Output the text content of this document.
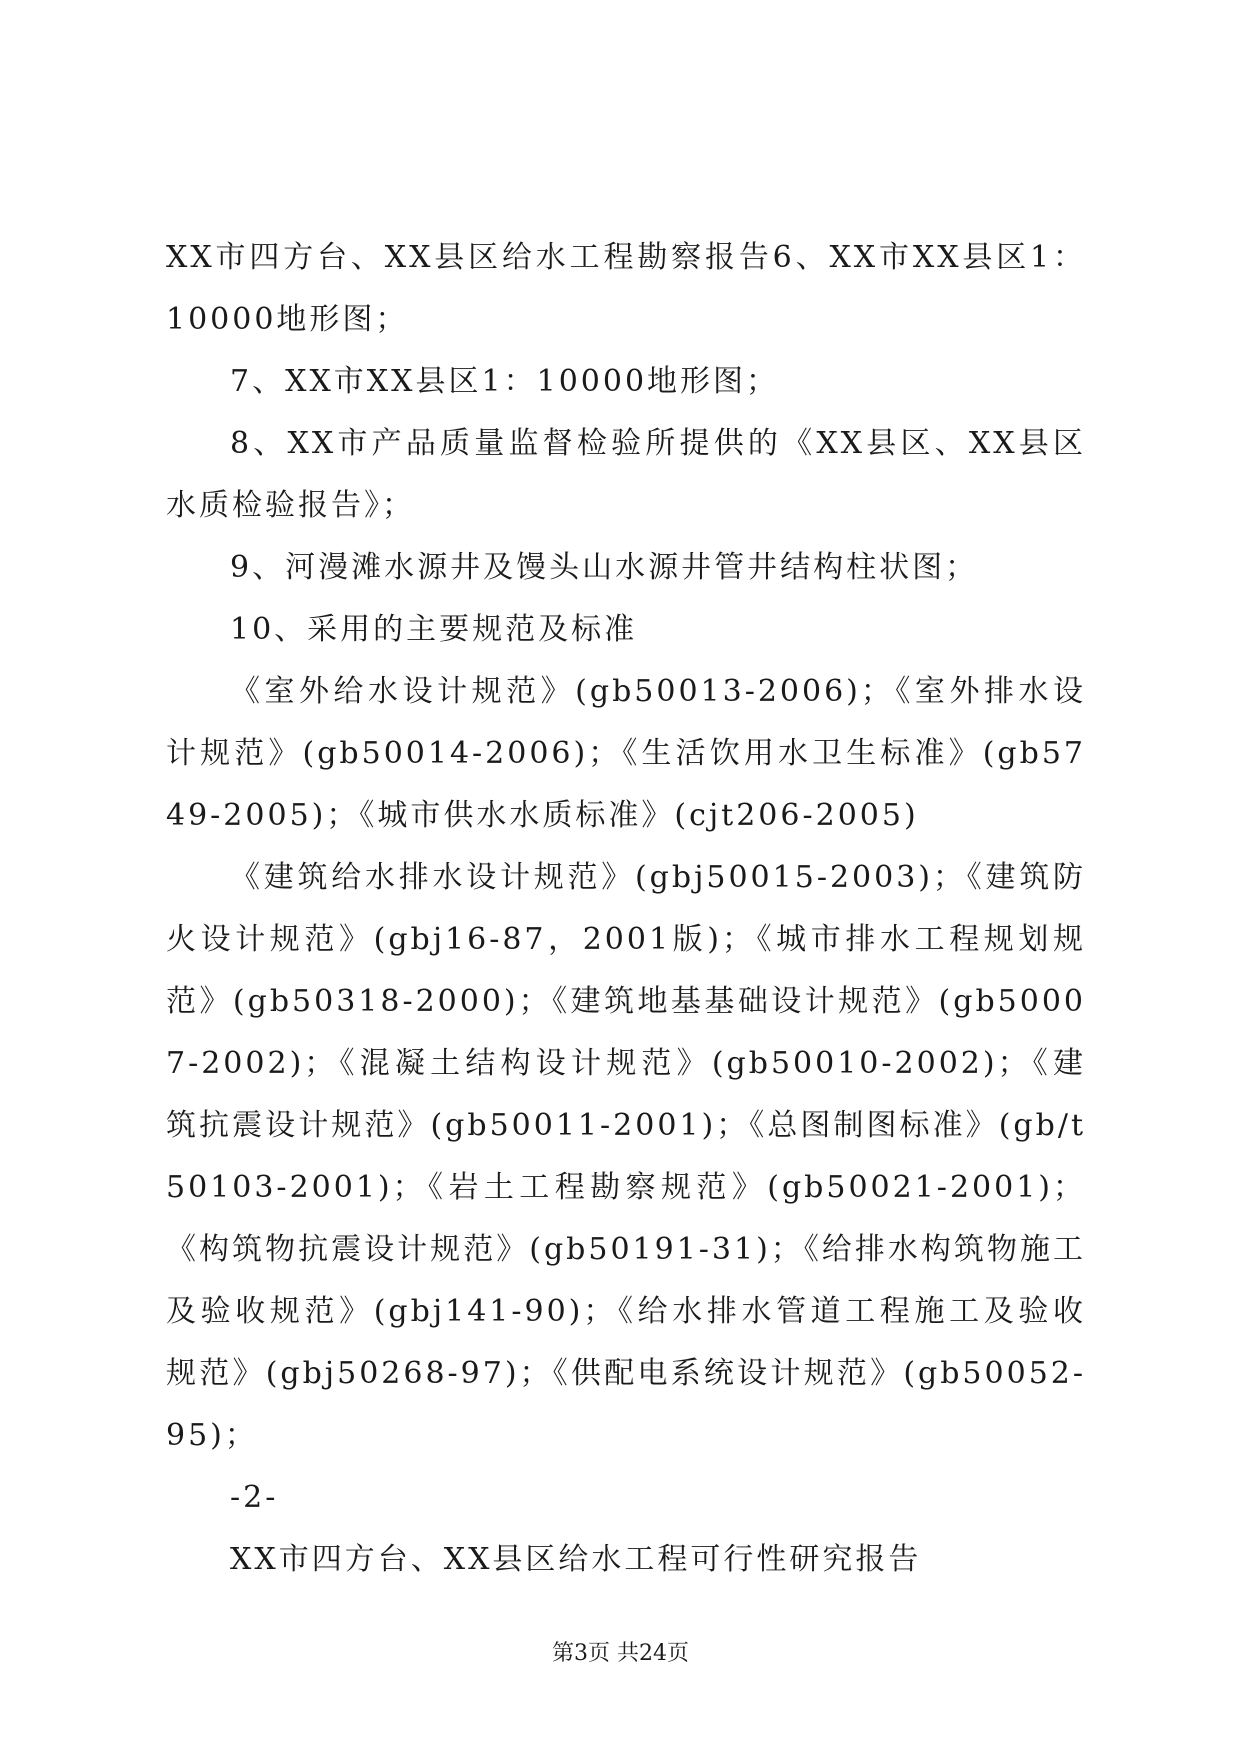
XX市四方台、XX县区给水工程勘察报告6、XX市XX县区1：10000地形图；

7、XX市XX县区1：10000地形图；

8、XX市产品质量监督检验所提供的《XX县区、XX县区水质检验报告》；

9、河漫滩水源井及馒头山水源井管井结构柱状图；

10、采用的主要规范及标准

《室外给水设计规范》(gb50013-2006)；《室外排水设计规范》(gb50014-2006)；《生活饮用水卫生标准》(gb5749-2005)；《城市供水水质标准》(cjt206-2005)

《建筑给水排水设计规范》(gbj50015-2003)；《建筑防火设计规范》(gbj16-87，2001版)；《城市排水工程规划规范》(gb50318-2000)；《建筑地基基础设计规范》(gb50007-2002)；《混凝土结构设计规范》(gb50010-2002)；《建筑抗震设计规范》(gb50011-2001)；《总图制图标准》(gb/t50103-2001)；《岩土工程勘察规范》(gb50021-2001)；《构筑物抗震设计规范》(gb50191-31)；《给排水构筑物施工及验收规范》(gbj141-90)；《给水排水管道工程施工及验收规范》(gbj50268-97)；《供配电系统设计规范》(gb50052-95)；

-2-

XX市四方台、XX县区给水工程可行性研究报告

第3页 共24页
